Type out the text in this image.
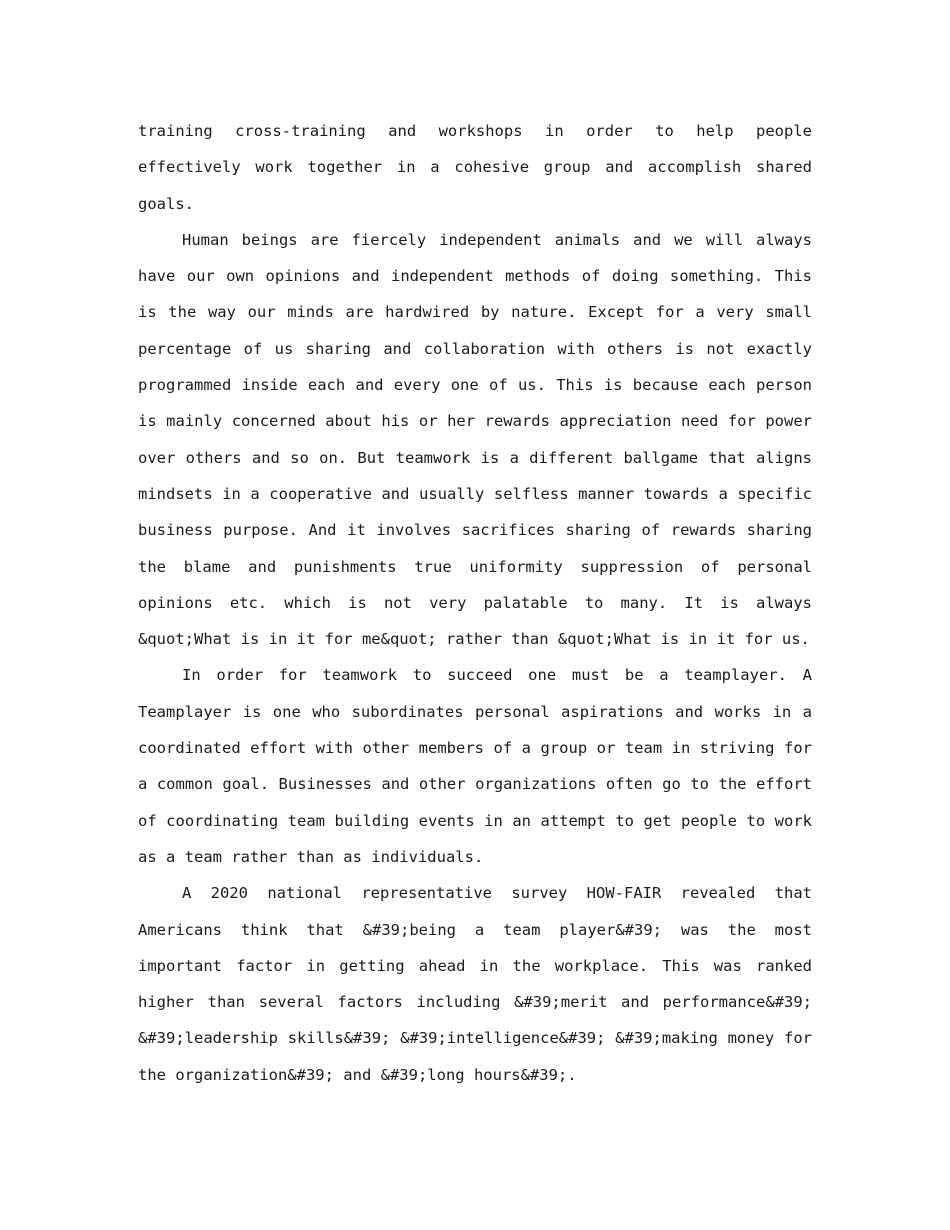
training cross-training and workshops in order to help people effectively work together in a cohesive group and accomplish shared goals.

Human beings are fiercely independent animals and we will always have our own opinions and independent methods of doing something. This is the way our minds are hardwired by nature. Except for a very small percentage of us sharing and collaboration with others is not exactly programmed inside each and every one of us. This is because each person is mainly concerned about his or her rewards appreciation need for power over others and so on. But teamwork is a different ballgame that aligns mindsets in a cooperative and usually selfless manner towards a specific business purpose. And it involves sacrifices sharing of rewards sharing the blame and punishments true uniformity suppression of personal opinions etc. which is not very palatable to many. It is always &quot;What is in it for me&quot; rather than &quot;What is in it for us.

In order for teamwork to succeed one must be a teamplayer. A Teamplayer is one who subordinates personal aspirations and works in a coordinated effort with other members of a group or team in striving for a common goal. Businesses and other organizations often go to the effort of coordinating team building events in an attempt to get people to work as a team rather than as individuals.

A 2020 national representative survey HOW-FAIR revealed that Americans think that &#39;being a team player&#39; was the most important factor in getting ahead in the workplace. This was ranked higher than several factors including &#39;merit and performance&#39; &#39;leadership skills&#39; &#39;intelligence&#39; &#39;making money for the organization&#39; and &#39;long hours&#39;.
